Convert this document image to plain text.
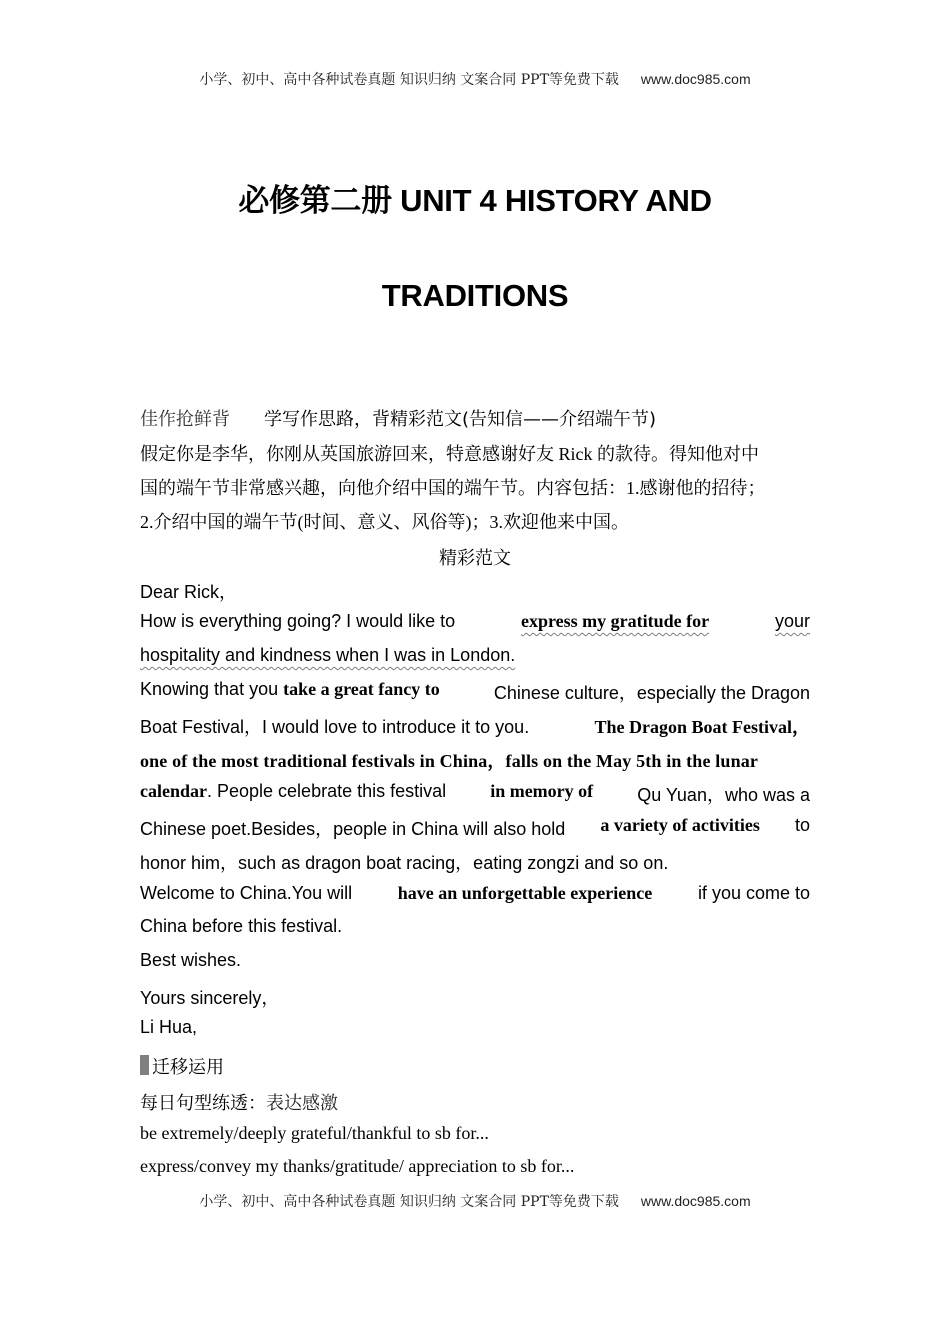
小学、初中、高中各种试卷真题 知识归纳 文案合同 PPT等免费下载 www.doc985.com
必修第二册 UNIT 4 HISTORY AND
TRADITIONS
佳作抢鲜背 学写作思路，背精彩范文(告知信——介绍端午节)
假定你是李华，你刚从英国旅游回来，特意感谢好友 Rick 的款待。得知他对中
国的端午节非常感兴趣，向他介绍中国的端午节。内容包括：1.感谢他的招待；
2.介绍中国的端午节(时间、意义、风俗等)；3.欢迎他来中国。
精彩范文
Dear Rick，
How is everything going? I would like to	express my gratitude for	your
hospitality and kindness when I was in London.
Knowing that you take a great fancy to	Chinese culture，especially the Dragon
Boat Festival，I would love to introduce it to you.	The Dragon Boat Festival，
one of the most traditional festivals in China，falls on the May 5th in the lunar
calendar. People celebrate this festival in memory of Qu Yuan，who was a
Chinese poet.Besides，people in China will also hold a variety of activities to
honor him，such as dragon boat racing，eating zongzi and so on.
Welcome to China.You will	have an unforgettable experience	if you come to
China before this festival.
Best wishes.
Yours sincerely，
Li Hua,
迁移运用
每日句型练透：表达感激
be extremely/deeply grateful/thankful to sb for...
express/convey my thanks/gratitude/ appreciation to sb for...
小学、初中、高中各种试卷真题 知识归纳 文案合同 PPT等免费下载 www.doc985.com
